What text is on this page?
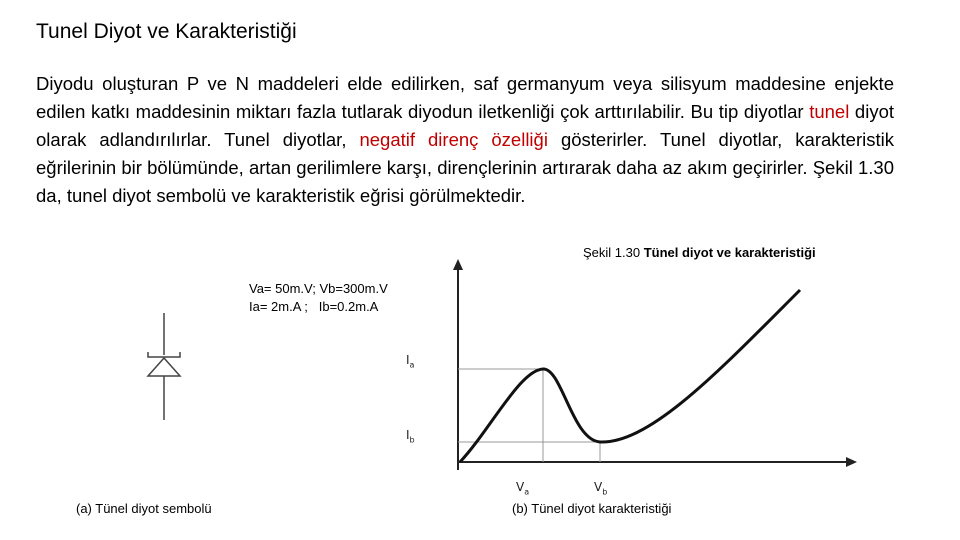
Tunel Diyot ve Karakteristiği
Diyodu oluşturan P ve N maddeleri elde edilirken, saf germanyum veya silisyum maddesine enjekte edilen katkı maddesinin miktarı fazla tutlarak diyodun iletkenliği çok arttırılabilir. Bu tip diyotlar tunel diyot olarak adlandırılırlar. Tunel diyotlar, negatif direnç özelliği gösterirler. Tunel diyotlar, karakteristik eğrilerinin bir bölümünde, artan gerilimlere karşı, dirençlerinin artırarak daha az akım geçirirler. Şekil 1.30 da, tunel diyot sembolü ve karakteristik eğrisi görülmektedir.
Şekil 1.30 Tünel diyot ve karakteristiği
Va= 50m.V; Vb=300m.V
Ia= 2m.A ;   Ib=0.2m.A
$I_a$
$I_b$
$V_a$	$V_b$
(a) Tünel diyot sembolü	(b) Tünel diyot karakteristiği
